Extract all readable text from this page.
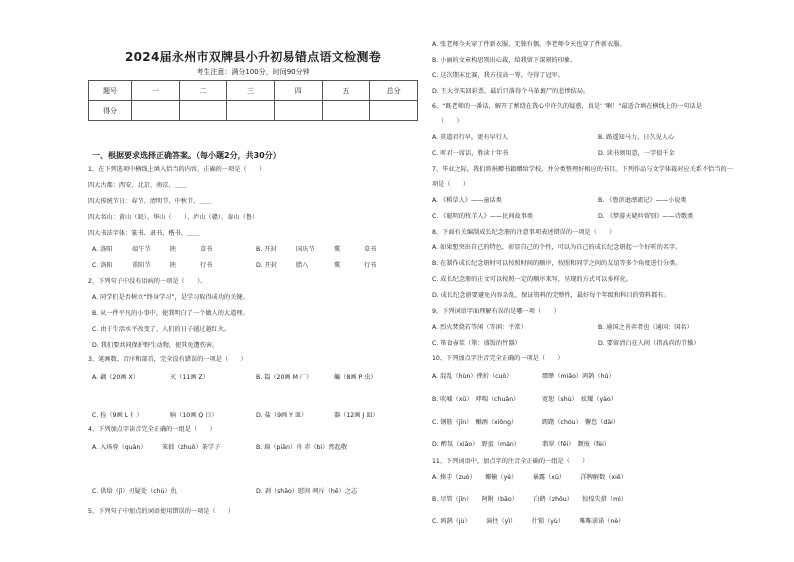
2024届永州市双牌县小升初易错点语文检测卷
考生注意：满分100分，时间90分钟
题号	一	二	三	四	五	总分
得分						
一、根据要求选择正确答案。（每小题2分，共30分）
1、在下列选项中横线上填入恰当的内容，正确的一项是（　　）
四大古都：西安、北京、南京、＿＿
四大传统节日：春节、清明节、中秋节、＿＿
四大名山：黄山（皖）、华山（　　）、庐山（赣）、泰山（鲁）
四大书法字体：篆书、隶书、楷书、＿＿
A. 洛阳	端午节	陕	草书	B. 开封	国庆节	冀	草书
C. 洛阳	重阳节	陕	行书	D. 开封	腊八	冀	行书
2、下列句子中没有语病的一项是（　　）。
A. 同学们是否树立“终身学习”，是学习取得成功的关键。
B. 从一件平凡的小事中，使我明白了一个做人的大道理。
C. 由于生活水平改变了，人们的日子越过越红火。
D. 我们要共同保护野生动物，使其免遭伤害。
3、笔画数、音序和部首，完全没有错误的一项是（　　）
A. 藕（20画 X）	灭（11画 Z）	B. 篇（20画 M 厂）	蝙（8画 P 虫）
C. 拴（9画 L 扌）	晌（10画 Q 日）	D. 盐（9画 Y 皿）	器（12画 J 皿）
4、下列加点字读音完全正确的一组是（　　）
A. 入场券（quàn） 笨拙（zhuō）茶学子	B. 扁（piān）舟 赤（bì）然起敬
C. 供给（jǐ）刃疑处（chù）仇	D. 剥（shāo）慰问 呵斥（hē）之志
5、下列句子中加点的词语使用错误的一项是（　　）
A. 张老师今天穿了件新衣服，无独有偶，李老师今天也穿了件新衣服。
B. 小丽的文章构思别出心裁，给我留下深刻的印象。
C. 这次期末比赛，我方技高一筹，夺得了冠军。
D. 王大爷买回彩票，最后只落得个马革裹尸的悲惨结局。
6、“既老师的一番话，解开了萦绕在我心中许久的疑惑，真是‘ ’啊！”最适合填在横线上的一句话是
（　　）
A. 莫道君行早，更有早行人	B. 路遥知马力，日久见人心
C. 听君一席话，胜读十年书	D. 读书须用意，一字值千金
7、毕业之际，我们将捐赠书籍赠给学校，并分类整理好相应的书目。下列作品与文学体裁对应关系不恰当的一
项是（　　）
A. 《稻草人》——童话类	B. 《鲁滨逊漂流记》——小说类
C. 《聪明的牧羊人》——民间故事类	D. 《梦游天姥吟留别》——诗歌类
8、下面有关编制成长纪念册的注意事项表述错误的一项是（　　）
A. 如果想突出自己的特色，彰显自己的个性，可以为自己的成长纪念册起一个好听的名字。
B. 在制作成长纪念册时可以按照时间的顺序，按照和同学之间的友谊等多个角度进行分类。
C. 成长纪念册的正文可以按照一定的顺序来写，呈现的方式可以多样化。
D. 成长纪念册要避免内容杂乱，保证资料的完整性，最好每个年级和科目的资料都有。
9、下列词语字面理解有误的是哪一项（　　）
A. 烈火焚烧若等闲（等闲：平常）	B. 通国之善弈者也（通国：国名）
C. 箪食壶浆（箪：盛饭的竹器）	D. 要留清白在人间（指高尚的节操）
10、下列加点字注音完全正确的一项是（　　）
A. 混乱（hùn）挫折（cuò）	缥缈（miǎo）鸿鹄（hú）
B. 吹嘘（xū）　哮喘（chuǎn）	宽恕（shù）　炫耀（yào）
C. 钢筋（jīn）　酗酒（xiōng）	踌躇（chóu）　懈怠（dài）
D. 醉氛（xiāo）　野蛮（mán）	翡翠（fěi）　颓废（fèi）
11、下列词语中，加点字的注音全正确的一组是（　　）
A. 揍手（zuò）　　揶揄（yé）　　　暴露（xū）　　　洋脾解数（xiē）
B. 尽管（jǐn）　　阿附（bāo）　　　白鹤（zhōu）　　惊惶失措（mì）
C. 鸿鹄（jù）　　　演往（yì）　　　什锁（yù）　　　唯唯诺诺（nè）
